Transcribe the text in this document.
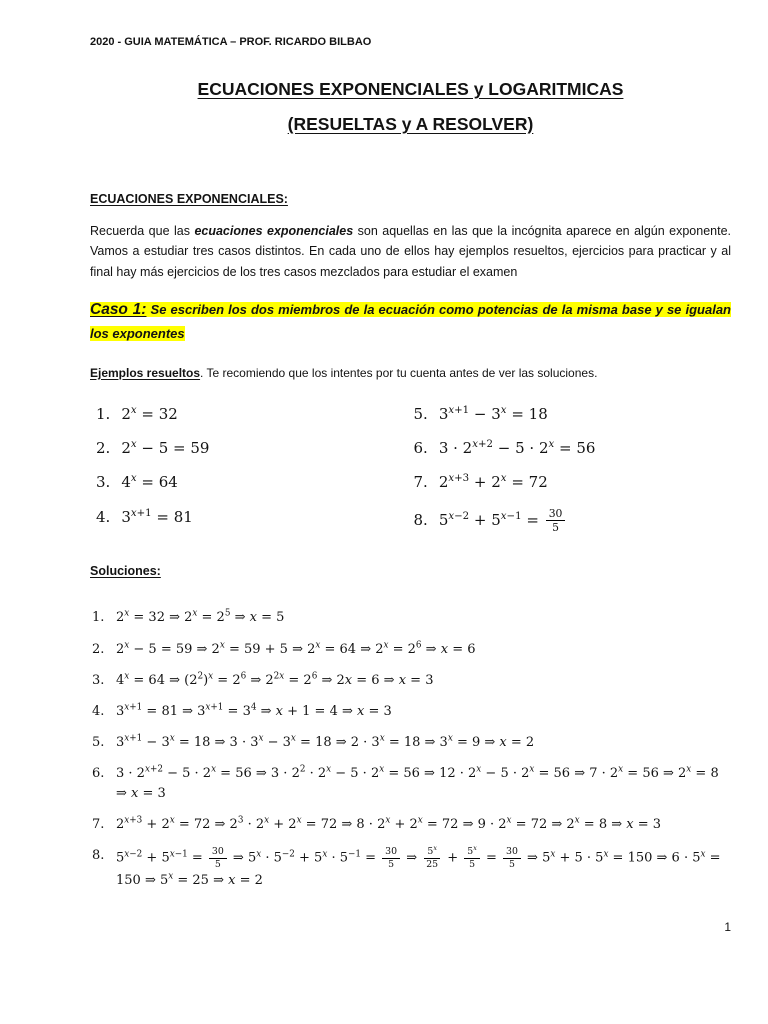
2020 - GUIA MATEMÁTICA – PROF. RICARDO BILBAO
ECUACIONES EXPONENCIALES y LOGARITMICAS
(RESUELTAS y A RESOLVER)
ECUACIONES EXPONENCIALES:

Recuerda que las ecuaciones exponenciales son aquellas en las que la incógnita aparece en algún exponente. Vamos a estudiar tres casos distintos. En cada uno de ellos hay ejemplos resueltos, ejercicios para practicar y al final hay más ejercicios de los tres casos mezclados para estudiar el examen

Caso 1: Se escriben los dos miembros de la ecuación como potencias de la misma base y se igualan los exponentes

Ejemplos resueltos. Te recomiendo que los intentes por tu cuenta antes de ver las soluciones.

1. $2^x = 32$
2. $2^x - 5 = 59$
3. $4^x = 64$
4. $3^{x+1} = 81$
5. $3^{x+1} - 3^x = 18$
6. $3 \cdot 2^{x+2} - 5 \cdot 2^x = 56$
7. $2^{x+3} + 2^x = 72$
8. $5^{x-2} + 5^{x-1} = \frac{30}{5}$
Soluciones:
1. $2^x = 32$ ⇒ $2^x = 2^5$ ⇒ x = 5
2. $2^x - 5 = 59$ ⇒ $2^x = 59 + 5$ ⇒ $2^x = 64$ ⇒ $2^x = 2^6$ ⇒ x = 6
3. $4^x = 64$ ⇒ $(2^2)^x = 2^6$ ⇒ $2^{2x} = 2^6$ ⇒ 2x = 6 ⇒ x = 3
4. $3^{x+1} = 81$ ⇒ $3^{x+1} = 3^4$ ⇒ x + 1 = 4 ⇒ x = 3
5. $3^{x+1} - 3^x = 18$ ⇒ $3 \cdot 3^x - 3^x = 18$ ⇒ $2 \cdot 3^x = 18$ ⇒ $3^x = 9$ ⇒ x = 2
6. $3 \cdot 2^{x+2} - 5 \cdot 2^x = 56$ ⇒ $3 \cdot 2^2 \cdot 2^x - 5 \cdot 2^x = 56$ ⇒ $12 \cdot 2^x - 5 \cdot 2^x = 56$ ⇒ $7 \cdot 2^x = 56$ ⇒ $2^x = 8$ ⇒ x = 3
7. $2^{x+3} + 2^x = 72$ ⇒ $2^3 \cdot 2^x + 2^x = 72$ ⇒ $8 \cdot 2^x + 2^x = 72$ ⇒ $9 \cdot 2^x = 72$ ⇒ $2^x = 8$ ⇒ x = 3
8. $5^{x-2} + 5^{x-1} = \frac{30}{5}$ ⇒ $5^x \cdot 5^{-2} + 5^x \cdot 5^{-1} = \frac{30}{5}$ ⇒ $\frac{5^x}{25} + \frac{5^x}{5} = \frac{30}{5}$ ⇒ $5^x + 5 \cdot 5^x = 150$ ⇒ $6 \cdot 5^x = 150$ ⇒ $5^x = 25$ ⇒ x = 2
1
